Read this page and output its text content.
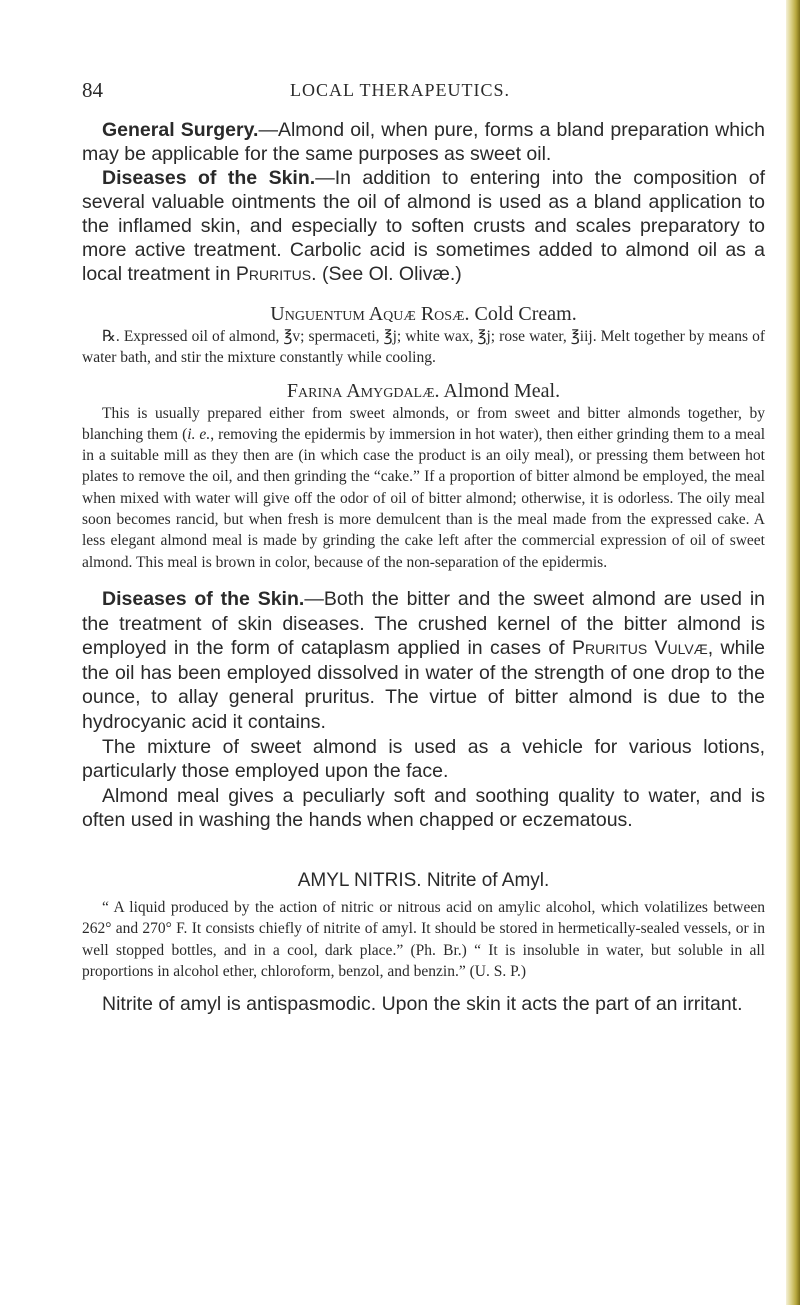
84	LOCAL THERAPEUTICS.

General Surgery.—Almond oil, when pure, forms a bland preparation which may be applicable for the same purposes as sweet oil.

Diseases of the Skin.—In addition to entering into the composition of several valuable ointments the oil of almond is used as a bland application to the inflamed skin, and especially to soften crusts and scales preparatory to more active treatment. Carbolic acid is sometimes added to almond oil as a local treatment in Pruritus. (See Ol. Olivæ.)

Unguentum Aquæ Rosæ. Cold Cream.

℞. Expressed oil of almond, ℥v; spermaceti, ℥j; white wax, ℥j; rose water, ℥iij. Melt together by means of water bath, and stir the mixture constantly while cooling.

Farina Amygdalæ. Almond Meal.

This is usually prepared either from sweet almonds, or from sweet and bitter almonds together, by blanching them (i. e., removing the epidermis by immersion in hot water), then either grinding them to a meal in a suitable mill as they then are (in which case the product is an oily meal), or pressing them between hot plates to remove the oil, and then grinding the “cake.” If a proportion of bitter almond be employed, the meal when mixed with water will give off the odor of oil of bitter almond; otherwise, it is odorless. The oily meal soon becomes rancid, but when fresh is more demulcent than is the meal made from the expressed cake. A less elegant almond meal is made by grinding the cake left after the commercial expression of oil of sweet almond. This meal is brown in color, because of the non-separation of the epidermis.

Diseases of the Skin.—Both the bitter and the sweet almond are used in the treatment of skin diseases. The crushed kernel of the bitter almond is employed in the form of cataplasm applied in cases of Pruritus Vulvæ, while the oil has been employed dissolved in water of the strength of one drop to the ounce, to allay general pruritus. The virtue of bitter almond is due to the hydrocyanic acid it contains.

The mixture of sweet almond is used as a vehicle for various lotions, particularly those employed upon the face.

Almond meal gives a peculiarly soft and soothing quality to water, and is often used in washing the hands when chapped or eczematous.

AMYL NITRIS. Nitrite of Amyl.

“ A liquid produced by the action of nitric or nitrous acid on amylic alcohol, which volatilizes between 262° and 270° F. It consists chiefly of nitrite of amyl. It should be stored in hermetically-sealed vessels, or in well stopped bottles, and in a cool, dark place.” (Ph. Br.) “ It is insoluble in water, but soluble in all proportions in alcohol ether, chloroform, benzol, and benzin.” (U. S. P.)

Nitrite of amyl is antispasmodic. Upon the skin it acts the part of an irritant.
